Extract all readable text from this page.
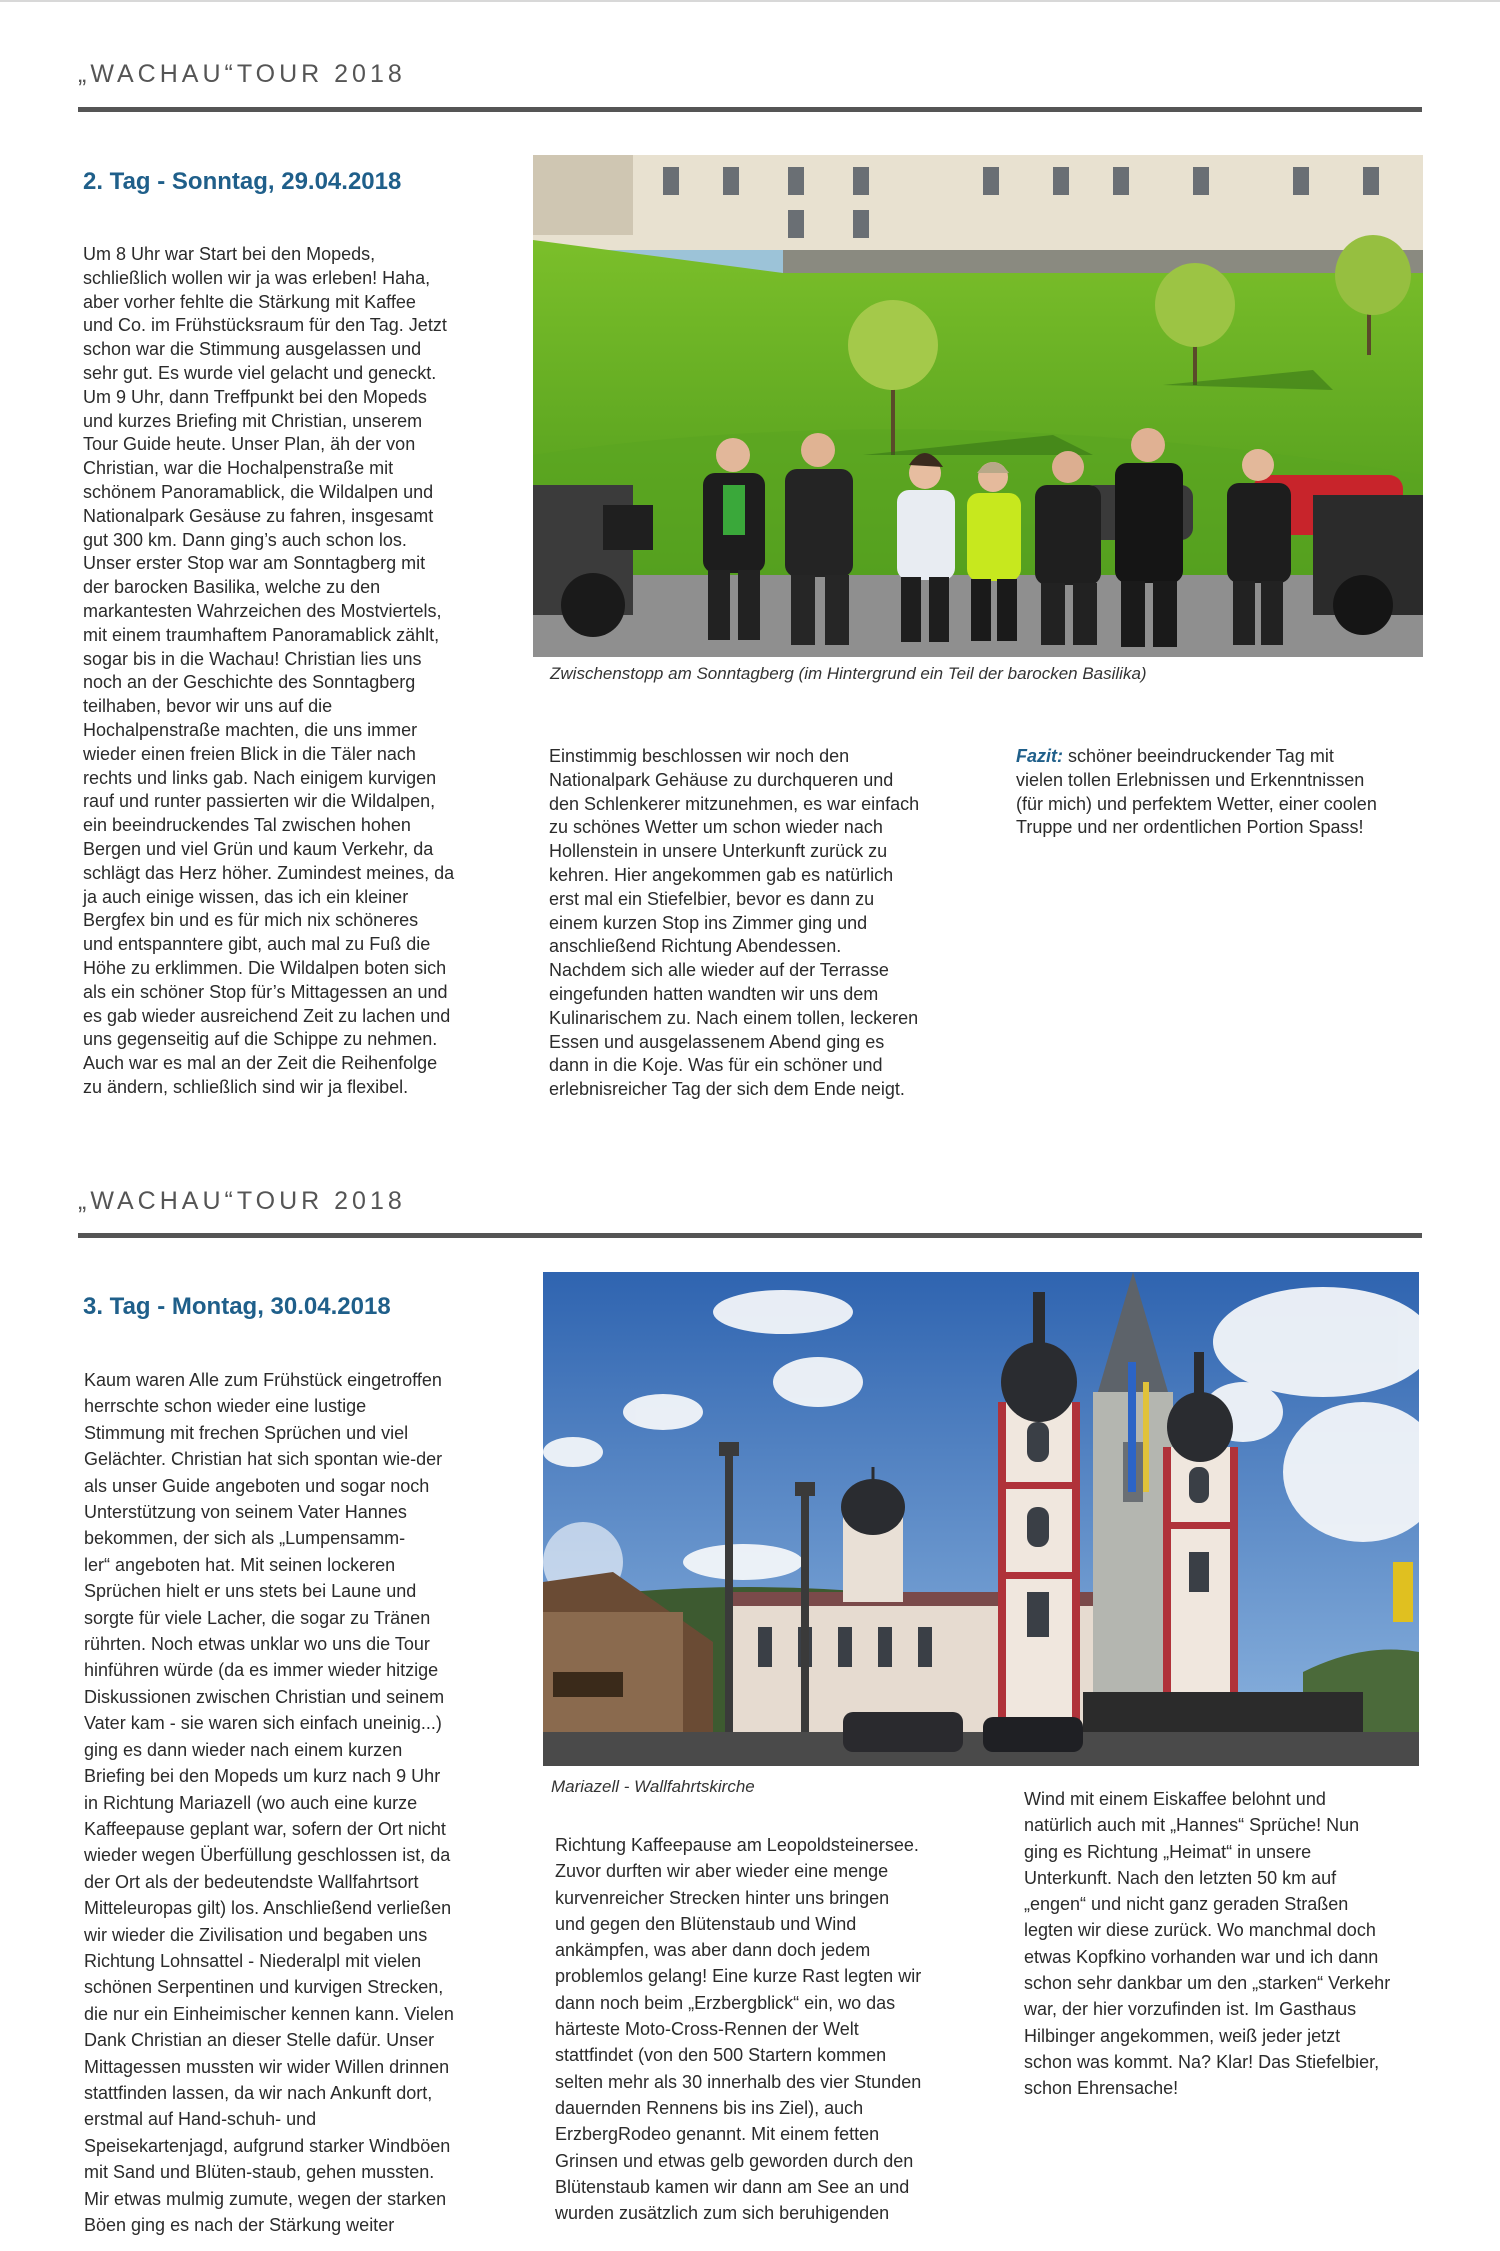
„WACHAU“TOUR 2018
2. Tag - Sonntag, 29.04.2018
Um 8 Uhr war Start bei den Mopeds,
schließlich wollen wir ja was erleben! Haha,
aber vorher fehlte die Stärkung mit Kaffee
und Co. im Frühstücksraum für den Tag. Jetzt
schon war die Stimmung ausgelassen und
sehr gut. Es wurde viel gelacht und geneckt.
Um 9 Uhr, dann Treffpunkt bei den Mopeds
und kurzes Briefing mit Christian, unserem
Tour Guide heute. Unser Plan, äh der von
Christian, war die Hochalpenstraße mit
schönem Panoramablick, die Wildalpen und
Nationalpark Gesäuse zu fahren, insgesamt
gut 300 km. Dann ging’s auch schon los.
Unser erster Stop war am Sonntagberg mit
der barocken Basilika, welche zu den
markantesten Wahrzeichen des Mostviertels,
mit einem traumhaftem Panoramablick zählt,
sogar bis in die Wachau! Christian lies uns
noch an der Geschichte des Sonntagberg
teilhaben, bevor wir uns auf die
Hochalpenstraße machten, die uns immer
wieder einen freien Blick in die Täler nach
rechts und links gab. Nach einigem kurvigen
rauf und runter passierten wir die Wildalpen,
ein beeindruckendes Tal zwischen hohen
Bergen und viel Grün und kaum Verkehr, da
schlägt das Herz höher. Zumindest meines, da
ja auch einige wissen, das ich ein kleiner
Bergfex bin und es für mich nix schöneres
und entspanntere gibt, auch mal zu Fuß die
Höhe zu erklimmen. Die Wildalpen boten sich
als ein schöner Stop für’s Mittagessen an und
es gab wieder ausreichend Zeit zu lachen und
uns gegenseitig auf die Schippe zu nehmen.
Auch war es mal an der Zeit die Reihenfolge
zu ändern, schließlich sind wir ja flexibel.
Zwischenstopp am Sonntagberg (im Hintergrund ein Teil der barocken Basilika)
Einstimmig beschlossen wir noch den
Nationalpark Gehäuse zu durchqueren und
den Schlenkerer mitzunehmen, es war einfach
zu schönes Wetter um schon wieder nach
Hollenstein in unsere Unterkunft zurück zu
kehren. Hier angekommen gab es natürlich
erst mal ein Stiefelbier, bevor es dann zu
einem kurzen Stop ins Zimmer ging und
anschließend Richtung Abendessen.
Nachdem sich alle wieder auf der Terrasse
eingefunden hatten wandten wir uns dem
Kulinarischem zu. Nach einem tollen, leckeren
Essen und ausgelassenem Abend ging es
dann in die Koje. Was für ein schöner und
erlebnisreicher Tag der sich dem Ende neigt.
Fazit: schöner beeindruckender Tag mit
vielen tollen Erlebnissen und Erkenntnissen
(für mich) und perfektem Wetter, einer coolen
Truppe und ner ordentlichen Portion Spass!
„WACHAU“TOUR 2018
3. Tag - Montag, 30.04.2018
Kaum waren Alle zum Frühstück eingetroffen
herrschte schon wieder eine lustige
Stimmung mit frechen Sprüchen und viel
Gelächter. Christian hat sich spontan wie-der
als unser Guide angeboten und sogar noch
Unterstützung von seinem Vater Hannes
bekommen, der sich als „Lumpensamm-
ler“ angeboten hat. Mit seinen lockeren
Sprüchen hielt er uns stets bei Laune und
sorgte für viele Lacher, die sogar zu Tränen
rührten. Noch etwas unklar wo uns die Tour
hinführen würde (da es immer wieder hitzige
Diskussionen zwischen Christian und seinem
Vater kam - sie waren sich einfach uneinig...)
ging es dann wieder nach einem kurzen
Briefing bei den Mopeds um kurz nach 9 Uhr
in Richtung Mariazell (wo auch eine kurze
Kaffeepause geplant war, sofern der Ort nicht
wieder wegen Überfüllung geschlossen ist, da
der Ort als der bedeutendste Wallfahrtsort
Mitteleuropas gilt) los. Anschließend verließen
wir wieder die Zivilisation und begaben uns
Richtung Lohnsattel - Niederalpl mit vielen
schönen Serpentinen und kurvigen Strecken,
die nur ein Einheimischer kennen kann. Vielen
Dank Christian an dieser Stelle dafür. Unser
Mittagessen mussten wir wider Willen drinnen
stattfinden lassen, da wir nach Ankunft dort,
erstmal auf Hand-schuh- und
Speisekartenjagd, aufgrund starker Windböen
mit Sand und Blüten-staub, gehen mussten.
Mir etwas mulmig zumute, wegen der starken
Böen ging es nach der Stärkung weiter
Mariazell - Wallfahrtskirche
Richtung Kaffeepause am Leopoldsteinersee.
Zuvor durften wir aber wieder eine menge
kurvenreicher Strecken hinter uns bringen
und gegen den Blütenstaub und Wind
ankämpfen, was aber dann doch jedem
problemlos gelang! Eine kurze Rast legten wir
dann noch beim „Erzbergblick“ ein, wo das
härteste Moto-Cross-Rennen der Welt
stattfindet (von den 500 Startern kommen
selten mehr als 30 innerhalb des vier Stunden
dauernden Rennens bis ins Ziel), auch
ErzbergRodeo genannt. Mit einem fetten
Grinsen und etwas gelb geworden durch den
Blütenstaub kamen wir dann am See an und
wurden zusätzlich zum sich beruhigenden
Wind mit einem Eiskaffee belohnt und
natürlich auch mit „Hannes“ Sprüche! Nun
ging es Richtung „Heimat“ in unsere
Unterkunft. Nach den letzten 50 km auf
„engen“ und nicht ganz geraden Straßen
legten wir diese zurück. Wo manchmal doch
etwas Kopfkino vorhanden war und ich dann
schon sehr dankbar um den „starken“ Verkehr
war, der hier vorzufinden ist. Im Gasthaus
Hilbinger angekommen, weiß jeder jetzt
schon was kommt. Na? Klar! Das Stiefelbier,
schon Ehrensache!
